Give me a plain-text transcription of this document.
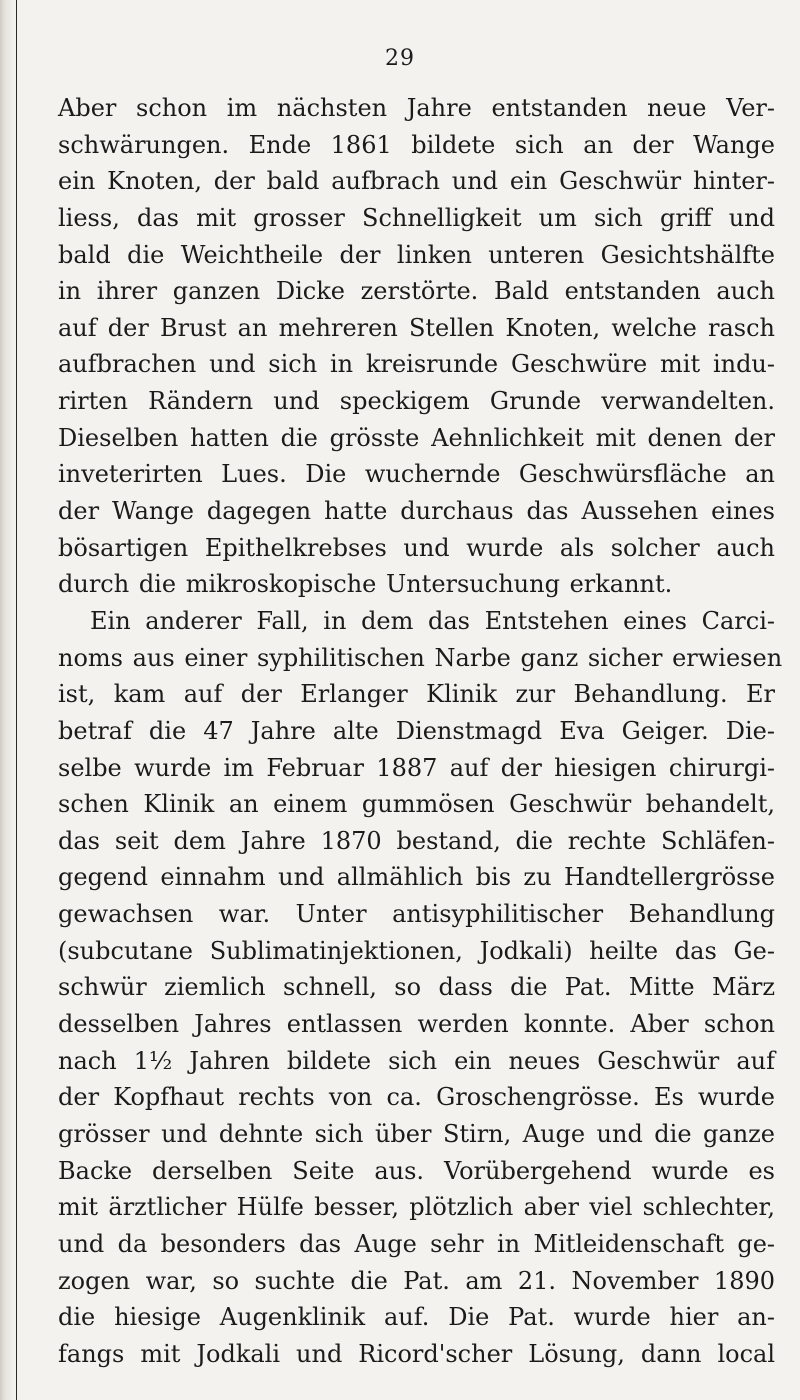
29
Aber schon im nächsten Jahre entstanden neue Ver-
schwärungen. Ende 1861 bildete sich an der Wange
ein Knoten, der bald aufbrach und ein Geschwür hinter-
liess, das mit grosser Schnelligkeit um sich griff und
bald die Weichtheile der linken unteren Gesichtshälfte
in ihrer ganzen Dicke zerstörte. Bald entstanden auch
auf der Brust an mehreren Stellen Knoten, welche rasch
aufbrachen und sich in kreisrunde Geschwüre mit indu-
rirten Rändern und speckigem Grunde verwandelten.
Dieselben hatten die grösste Aehnlichkeit mit denen der
inveterirten Lues. Die wuchernde Geschwürsfläche an
der Wange dagegen hatte durchaus das Aussehen eines
bösartigen Epithelkrebses und wurde als solcher auch
durch die mikroskopische Untersuchung erkannt.
Ein anderer Fall, in dem das Entstehen eines Carci-
noms aus einer syphilitischen Narbe ganz sicher erwiesen
ist, kam auf der Erlanger Klinik zur Behandlung. Er
betraf die 47 Jahre alte Dienstmagd Eva Geiger. Die-
selbe wurde im Februar 1887 auf der hiesigen chirurgi-
schen Klinik an einem gummösen Geschwür behandelt,
das seit dem Jahre 1870 bestand, die rechte Schläfen-
gegend einnahm und allmählich bis zu Handtellergrösse
gewachsen war. Unter antisyphilitischer Behandlung
(subcutane Sublimatinjektionen, Jodkali) heilte das Ge-
schwür ziemlich schnell, so dass die Pat. Mitte März
desselben Jahres entlassen werden konnte. Aber schon
nach 1½ Jahren bildete sich ein neues Geschwür auf
der Kopfhaut rechts von ca. Groschengrösse. Es wurde
grösser und dehnte sich über Stirn, Auge und die ganze
Backe derselben Seite aus. Vorübergehend wurde es
mit ärztlicher Hülfe besser, plötzlich aber viel schlechter,
und da besonders das Auge sehr in Mitleidenschaft ge-
zogen war, so suchte die Pat. am 21. November 1890
die hiesige Augenklinik auf. Die Pat. wurde hier an-
fangs mit Jodkali und Ricord'scher Lösung, dann local
